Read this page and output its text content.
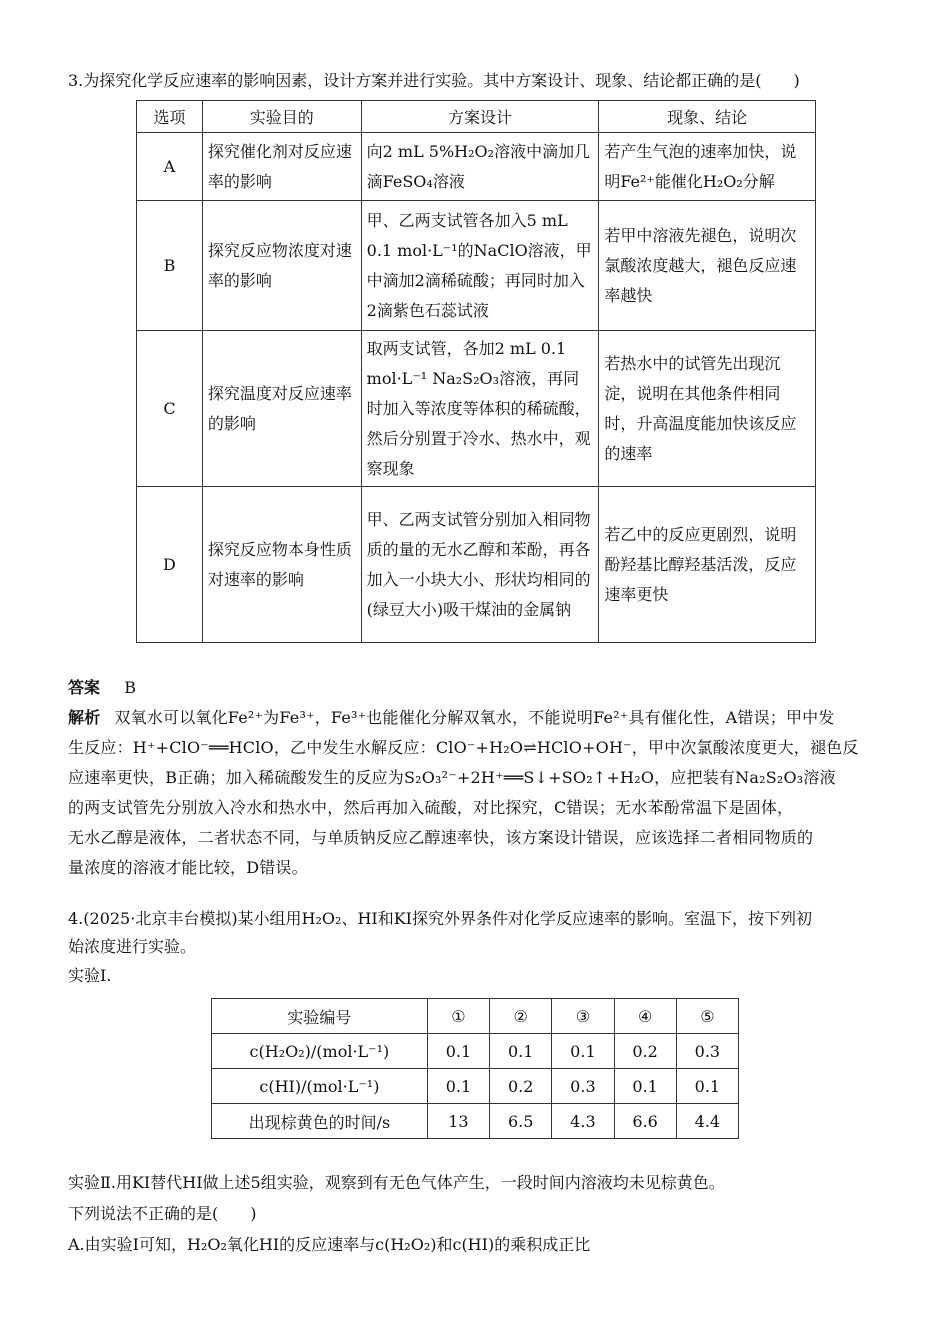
3.为探究化学反应速率的影响因素，设计方案并进行实验。其中方案设计、现象、结论都正确的是(　　)
选项	实验目的	方案设计	现象、结论
A	探究催化剂对反应速率的影响	向2 mL 5%H₂O₂溶液中滴加几滴FeSO₄溶液	若产生气泡的速率加快，说明Fe²⁺能催化H₂O₂分解
B	探究反应物浓度对速率的影响	甲、乙两支试管各加入5 mL 0.1 mol·L⁻¹的NaClO溶液，甲中滴加2滴稀硫酸；再同时加入2滴紫色石蕊试液	若甲中溶液先褪色，说明次氯酸浓度越大，褪色反应速率越快
C	探究温度对反应速率的影响	取两支试管，各加2 mL 0.1 mol·L⁻¹ Na₂S₂O₃溶液，再同时加入等浓度等体积的稀硫酸，然后分别置于冷水、热水中，观察现象	若热水中的试管先出现沉淀，说明在其他条件相同时，升高温度能加快该反应的速率
D	探究反应物本身性质对速率的影响	甲、乙两支试管分别加入相同物质的量的无水乙醇和苯酚，再各加入一小块大小、形状均相同的(绿豆大小)吸干煤油的金属钠	若乙中的反应更剧烈，说明酚羟基比醇羟基活泼，反应速率更快
答案 B
解析 双氧水可以氧化Fe²⁺为Fe³⁺，Fe³⁺也能催化分解双氧水，不能说明Fe²⁺具有催化性，A错误；甲中发
生反应：H⁺+ClO⁻══HClO，乙中发生水解反应：ClO⁻+H₂O⇌HClO+OH⁻，甲中次氯酸浓度更大，褪色反
应速率更快，B正确；加入稀硫酸发生的反应为S₂O₃²⁻+2H⁺══S↓+SO₂↑+H₂O，应把装有Na₂S₂O₃溶液
的两支试管先分别放入冷水和热水中，然后再加入硫酸，对比探究，C错误；无水苯酚常温下是固体，
无水乙醇是液体，二者状态不同，与单质钠反应乙醇速率快，该方案设计错误，应该选择二者相同物质的
量浓度的溶液才能比较，D错误。
4.(2025·北京丰台模拟)某小组用H₂O₂、HI和KI探究外界条件对化学反应速率的影响。室温下，按下列初
始浓度进行实验。
实验Ⅰ.
实验编号	①	②	③	④	⑤
c(H₂O₂)/(mol·L⁻¹)	0.1	0.1	0.1	0.2	0.3
c(HI)/(mol·L⁻¹)	0.1	0.2	0.3	0.1	0.1
出现棕黄色的时间/s	13	6.5	4.3	6.6	4.4
实验Ⅱ.用KI替代HI做上述5组实验，观察到有无色气体产生，一段时间内溶液均未见棕黄色。
下列说法不正确的是(　　)
A.由实验Ⅰ可知，H₂O₂氧化HI的反应速率与c(H₂O₂)和c(HI)的乘积成正比
